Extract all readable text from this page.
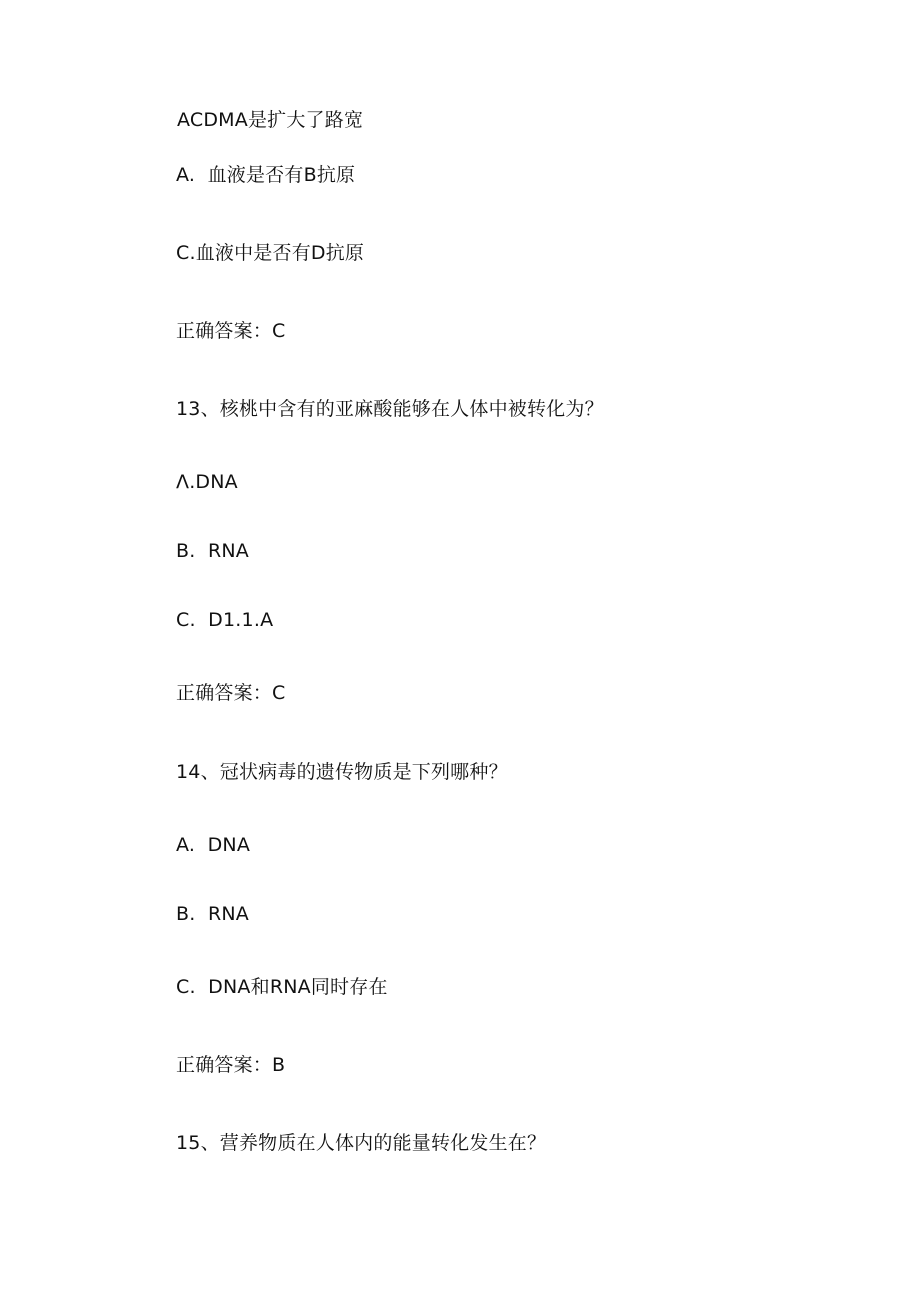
ACDMA是扩大了路宽
A.  血液是否有B抗原
C.血液中是否有D抗原
正确答案：C
13、核桃中含有的亚麻酸能够在人体中被转化为？
Λ.DNA
B.  RNA
C.  D1.1.A
正确答案：C
14、冠状病毒的遗传物质是下列哪种？
A.  DNA
B.  RNA
C.  DNA和RNA同时存在
正确答案：B
15、营养物质在人体内的能量转化发生在？
